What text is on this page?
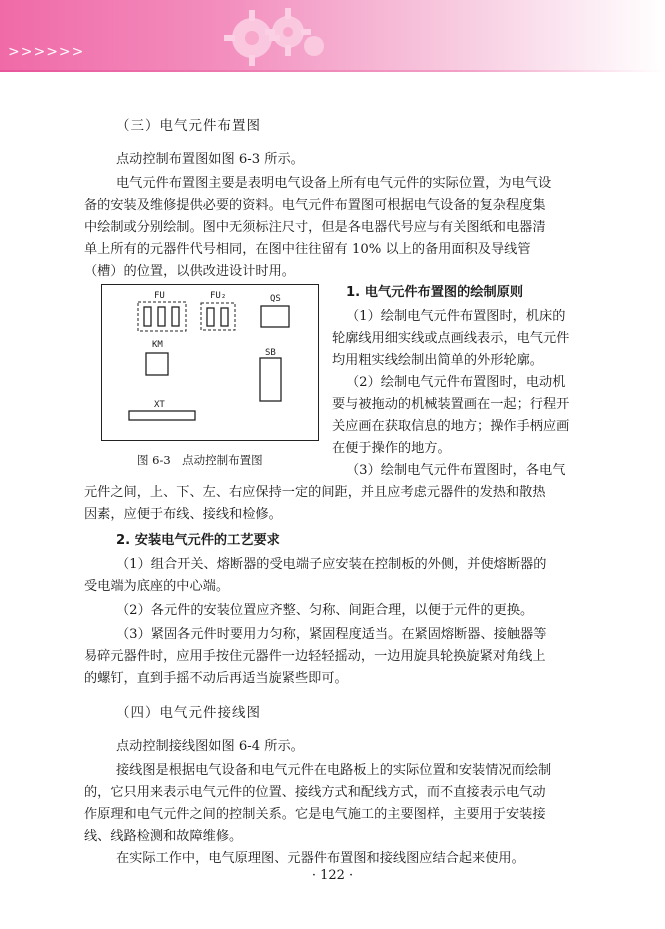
>>>>>>
（三）电气元件布置图
点动控制布置图如图 6-3 所示。
电气元件布置图主要是表明电气设备上所有电气元件的实际位置，为电气设
备的安装及维修提供必要的资料。电气元件布置图可根据电气设备的复杂程度集
中绘制或分别绘制。图中无须标注尺寸，但是各电器代号应与有关图纸和电器清
单上所有的元器件代号相同，在图中往往留有 10% 以上的备用面积及导线管
（槽）的位置，以供改进设计时用。
FU	FU₂	QS
KM
SB
XT
图 6-3　点动控制布置图
1. 电气元件布置图的绘制原则
（1）绘制电气元件布置图时，机床的
轮廓线用细实线或点画线表示，电气元件
均用粗实线绘制出简单的外形轮廓。
（2）绘制电气元件布置图时，电动机
要与被拖动的机械装置画在一起；行程开
关应画在获取信息的地方；操作手柄应画
在便于操作的地方。
（3）绘制电气元件布置图时，各电气
元件之间，上、下、左、右应保持一定的间距，并且应考虑元器件的发热和散热
因素，应便于布线、接线和检修。
2. 安装电气元件的工艺要求
（1）组合开关、熔断器的受电端子应安装在控制板的外侧，并使熔断器的
受电端为底座的中心端。
（2）各元件的安装位置应齐整、匀称、间距合理，以便于元件的更换。
（3）紧固各元件时要用力匀称，紧固程度适当。在紧固熔断器、接触器等
易碎元器件时，应用手按住元器件一边轻轻摇动，一边用旋具轮换旋紧对角线上
的螺钉，直到手摇不动后再适当旋紧些即可。
（四）电气元件接线图
点动控制接线图如图 6-4 所示。
接线图是根据电气设备和电气元件在电路板上的实际位置和安装情况而绘制
的，它只用来表示电气元件的位置、接线方式和配线方式，而不直接表示电气动
作原理和电气元件之间的控制关系。它是电气施工的主要图样，主要用于安装接
线、线路检测和故障维修。
在实际工作中，电气原理图、元器件布置图和接线图应结合起来使用。
· 122 ·
